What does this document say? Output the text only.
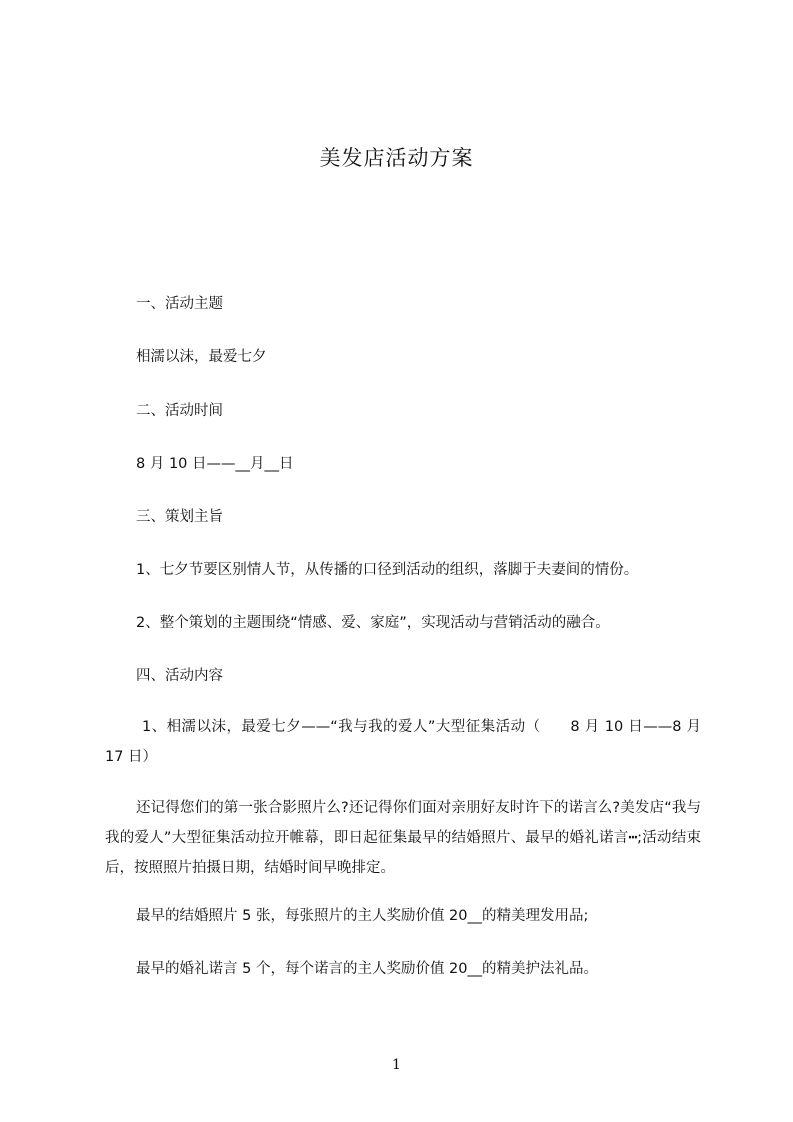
美发店活动方案
一、活动主题
相濡以沫，最爱七夕
二、活动时间
8 月 10 日——__月__日
三、策划主旨
1、七夕节要区别情人节，从传播的口径到活动的组织，落脚于夫妻间的情份。
2、整个策划的主题围绕“情感、爱、家庭”，实现活动与营销活动的融合。
四、活动内容
1、相濡以沫，最爱七夕——“我与我的爱人”大型征集活动（　　8 月 10 日——8 月 17 日）
还记得您们的第一张合影照片么?还记得你们面对亲朋好友时许下的诺言么?美发店“我与我的爱人”大型征集活动拉开帷幕，即日起征集最早的结婚照片、最早的婚礼诺言┅;活动结束后，按照照片拍摄日期，结婚时间早晚排定。
最早的结婚照片 5 张，每张照片的主人奖励价值 20__的精美理发用品;
最早的婚礼诺言 5 个，每个诺言的主人奖励价值 20__的精美护法礼品。
1
